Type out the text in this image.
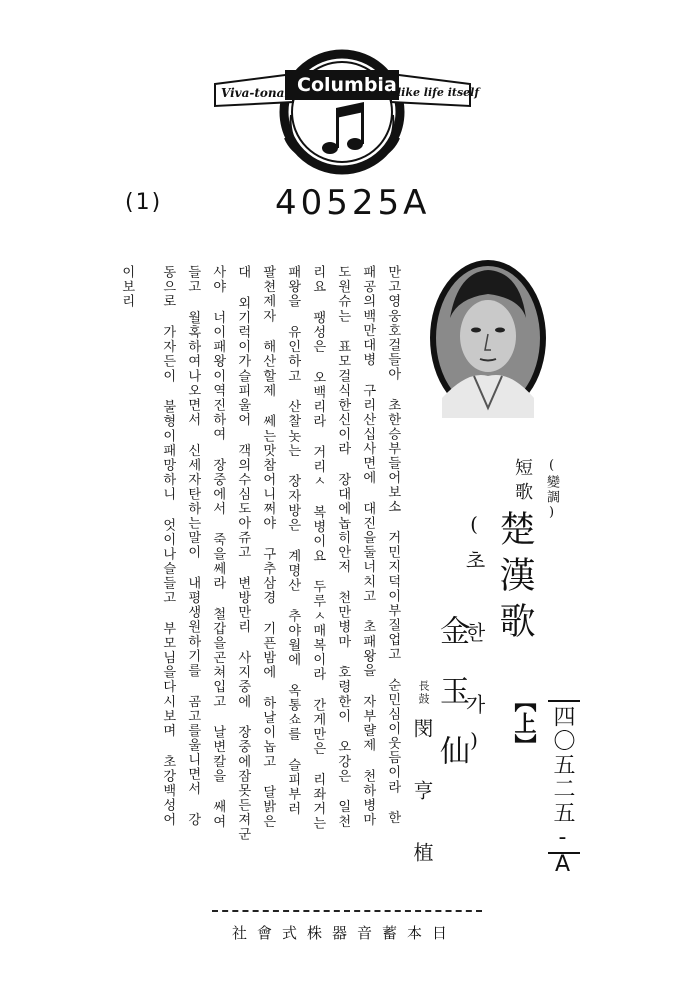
Viva-tonal Columbia like life itself
(1)	40525A
四〇五二五-A
短歌 (變調)
楚漢歌
【上】
(초 한 가)
金玉仙
長鼓
閔亨植
만고영웅호걸들아 초한승부들어보소 거민지덕이부질업고 순민심이웃듬이라 한
패공의백만대병 구리산십사면에 대진을둘너치고 초패왕을 자부랼제 천하병마
도원슈는 표모걸식한신이라 장대에놉히안저 천만병마 호령한이 오강은 일천
리요 팽성은 오백리라 거리ㅅ 복병이요 두루ㅅ매복이라 간게만은 리좌거는
패왕을 유인하고 산찰놋는 장자방은 계명산 추야월에 옥통쇼를 슬피부러
팔쳔제자 해산할제 쎄는맛참어니쩌야 구추삼경 기픈밤에 하날이놉고 달밝은
대 외기럭이가슬피울어 객의수심도아쥬고 변방만리 사지중에 장중에잠못든져군
사야 너이패왕이역진하여 장중에서 죽을쎄라 철갑을곤쳐입고 날변칼을 쌔여
들고 월혹하여나오면서 신세자탄하는말이 내평생원하기를 곰고를울니면서 강
동으로 가자든이 불형이패망하니 엇이나슬들고 부모님을다시보며 초강백성어
이보리
日本蓄音器株式會社
